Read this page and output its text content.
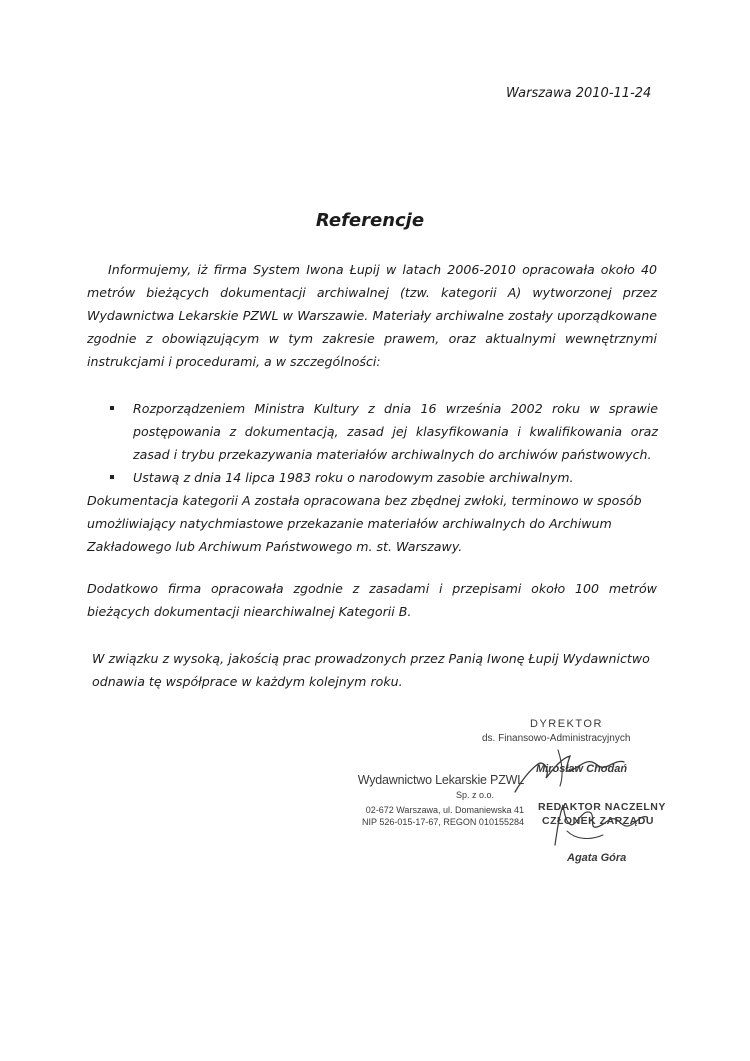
Warszawa 2010-11-24
Referencje
Informujemy, iż firma System Iwona Łupij w latach 2006-2010 opracowała około 40
metrów bieżących dokumentacji archiwalnej (tzw. kategorii A) wytworzonej przez
Wydawnictwa Lekarskie PZWL w Warszawie. Materiały archiwalne zostały uporządkowane
zgodnie z obowiązującym w tym zakresie prawem, oraz aktualnymi wewnętrznymi
instrukcjami i procedurami, a w szczególności:
Rozporządzeniem Ministra Kultury z dnia 16 września 2002 roku w sprawie
postępowania z dokumentacją, zasad jej klasyfikowania i kwalifikowania oraz
zasad i trybu przekazywania materiałów archiwalnych do archiwów państwowych.
Ustawą z dnia 14 lipca 1983 roku o narodowym zasobie archiwalnym.
Dokumentacja kategorii A została opracowana bez zbędnej zwłoki, terminowo w sposób
umożliwiający natychmiastowe przekazanie materiałów archiwalnych do Archiwum
Zakładowego lub Archiwum Państwowego m. st. Warszawy.
Dodatkowo firma opracowała zgodnie z zasadami i przepisami około 100 metrów
bieżących dokumentacji niearchiwalnej Kategorii B.
W związku z wysoką, jakością prac prowadzonych przez Panią Iwonę Łupij Wydawnictwo
odnawia tę współprace w każdym kolejnym roku.
Wydawnictwo Lekarskie PZWL
Sp. z o.o.
02-672 Warszawa, ul. Domaniewska 41
NIP 526-015-17-67, REGON 010155284
DYREKTOR
ds. Finansowo-Administracyjnych
Mirosław Chodań
REDAKTOR NACZELNY
CZŁONEK ZARZĄDU
Agata Góra
